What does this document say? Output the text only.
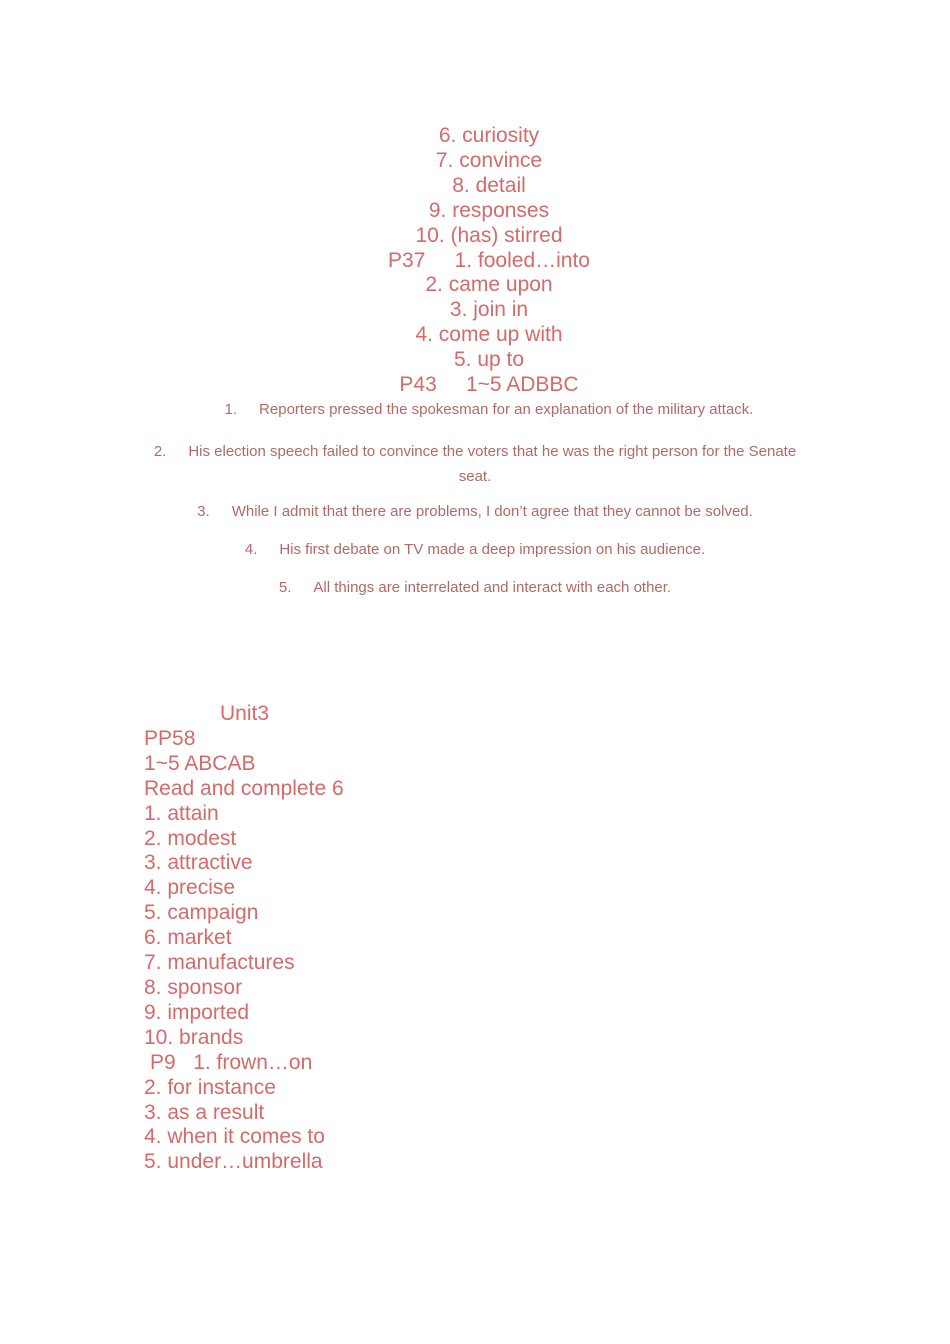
6. curiosity
7. convince
8. detail
9. responses
10. (has) stirred
P37     1. fooled…into
2. came upon
3. join in
4. come up with
5. up to
P43     1~5 ADBBC
1. Reporters pressed the spokesman for an explanation of the military attack.
2. His election speech failed to convince the voters that he was the right person for the Senate seat.
3. While I admit that there are problems, I don’t agree that they cannot be solved.
4. His first debate on TV made a deep impression on his audience.
5. All things are interrelated and interact with each other.
Unit3
PP58
1~5 ABCAB
Read and complete 6
1. attain
2. modest
3. attractive
4. precise
5. campaign
6. market
7. manufactures
8. sponsor
9. imported
10. brands
P9   1. frown…on
2. for instance
3. as a result
4. when it comes to
5. under…umbrella
